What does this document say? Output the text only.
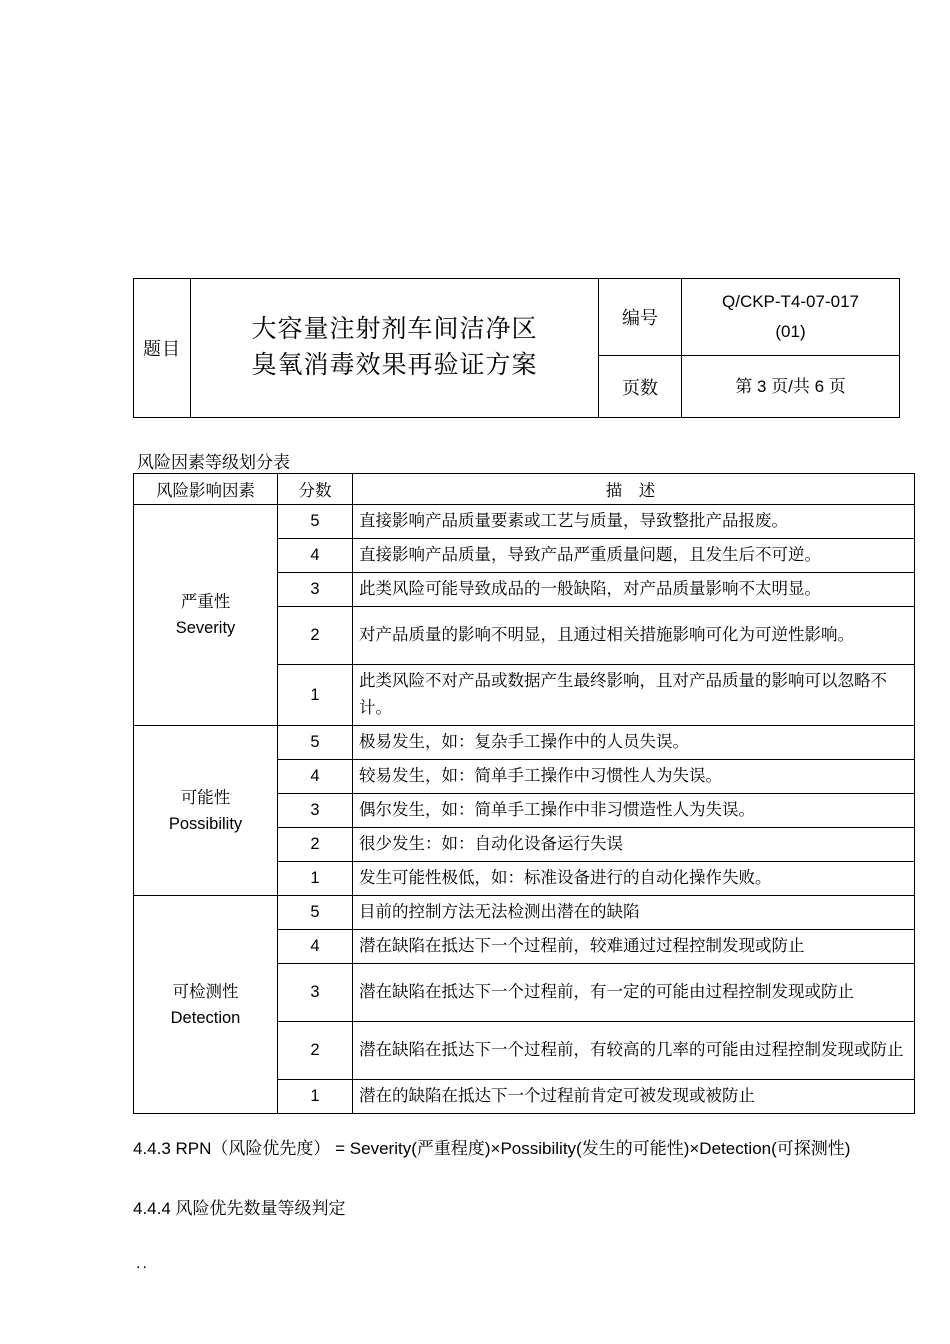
题目	大容量注射剂车间洁净区
臭氧消毒效果再验证方案	编号	Q/CKP-T4-07-017
(01)

		页数	第 3 页/共 6 页
风险因素等级划分表
风险影响因素	分数	描 述

严重性
Severity	5	直接影响产品质量要素或工艺与质量，导致整批产品报废。
	4	直接影响产品质量，导致产品严重质量问题，且发生后不可逆。
	3	此类风险可能导致成品的一般缺陷，对产品质量影响不太明显。
	2	对产品质量的影响不明显，且通过相关措施影响可化为可逆性影响。
	1	此类风险不对产品或数据产生最终影响，且对产品质量的影响可以忽略不计。

可能性
Possibility	5	极易发生，如：复杂手工操作中的人员失误。
	4	较易发生，如：简单手工操作中习惯性人为失误。
	3	偶尔发生，如：简单手工操作中非习惯造性人为失误。
	2	很少发生：如：自动化设备运行失误
	1	发生可能性极低，如：标准设备进行的自动化操作失败。

可检测性
Detection	5	目前的控制方法无法检测出潜在的缺陷
	4	潜在缺陷在抵达下一个过程前，较难通过过程控制发现或防止
	3	潜在缺陷在抵达下一个过程前，有一定的可能由过程控制发现或防止
	2	潜在缺陷在抵达下一个过程前，有较高的几率的可能由过程控制发现或防止
	1	潜在的缺陷在抵达下一个过程前肯定可被发现或被防止
4.4.3 RPN（风险优先度） = Severity(严重程度)×Possibility(发生的可能性)×Detection(可探测性)
4.4.4 风险优先数量等级判定
..
